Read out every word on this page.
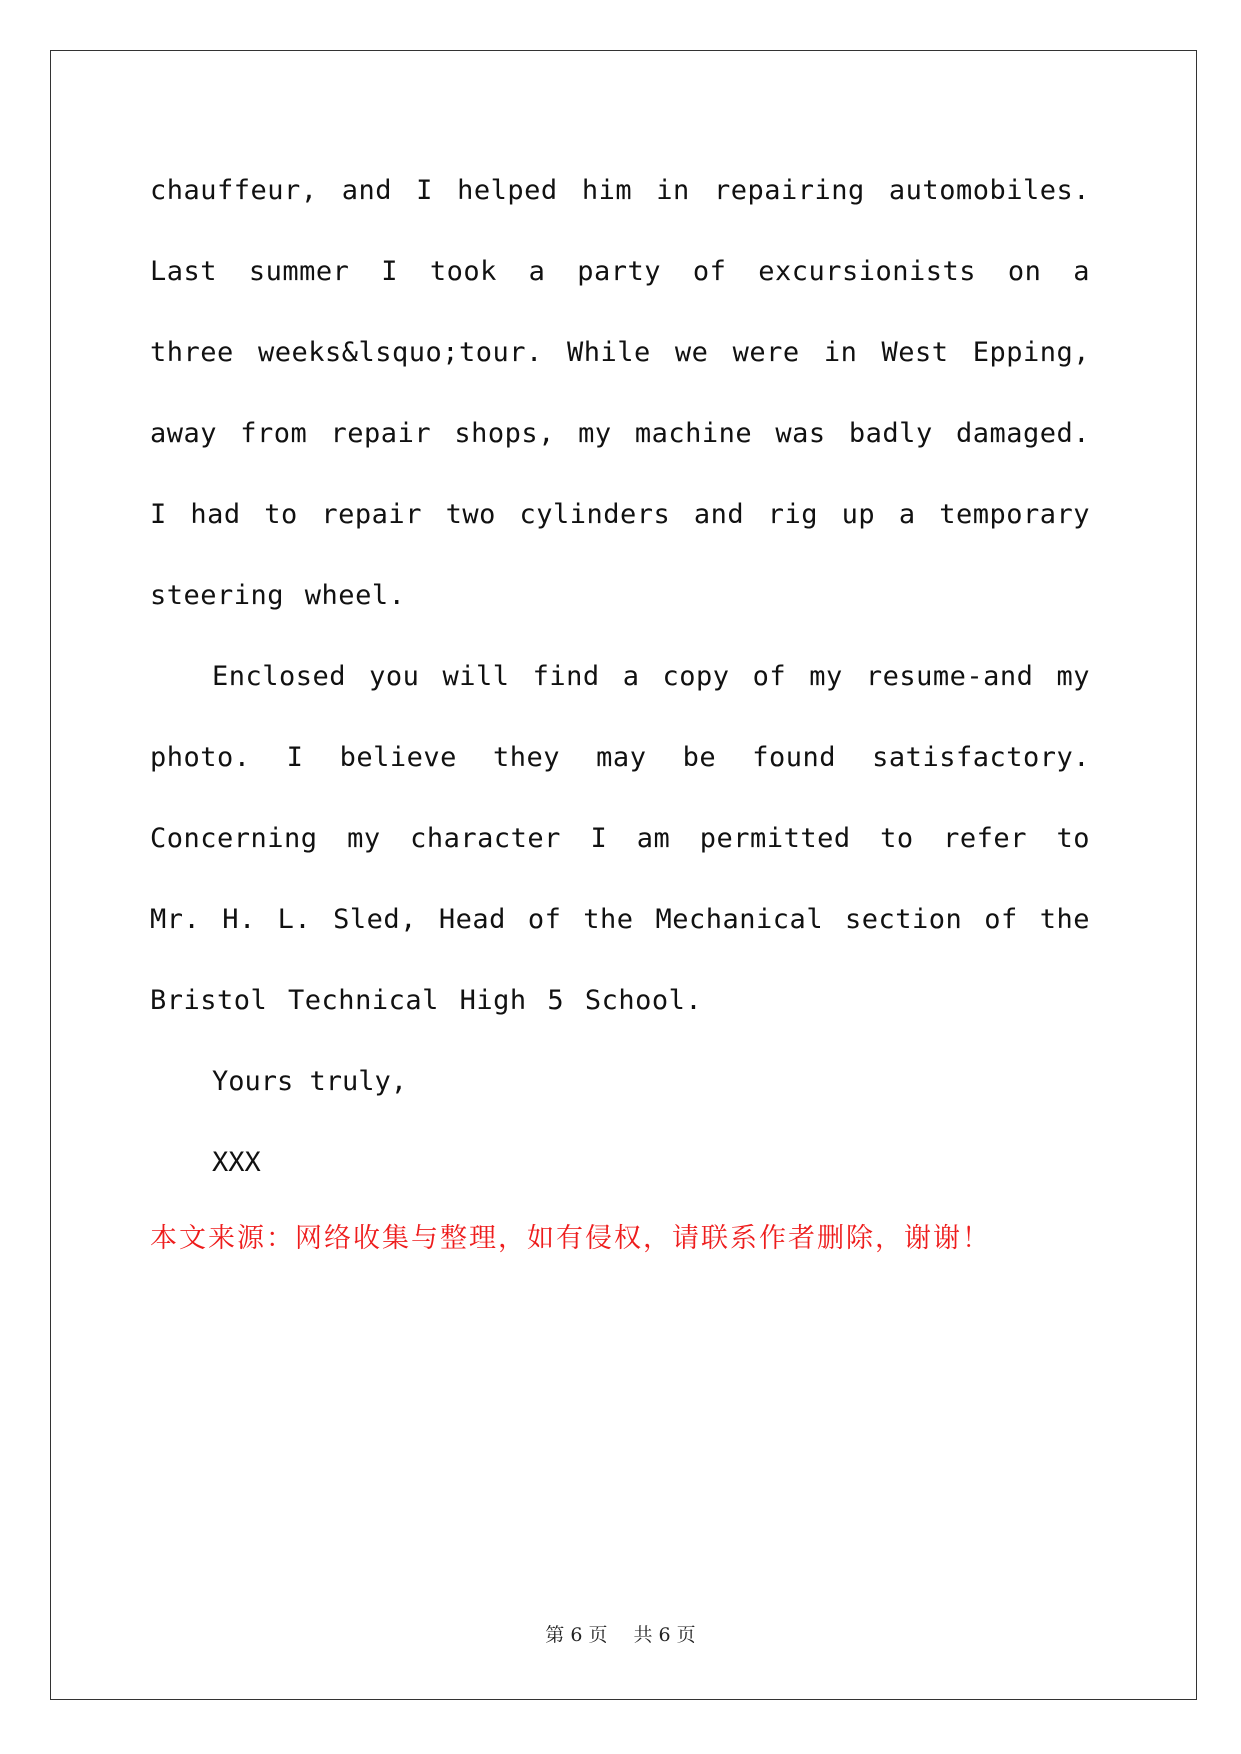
chauffeur, and I helped him in repairing automobiles. Last summer I took a party of excursionists on a three weeks&lsquo;tour. While we were in West Epping, away from repair shops, my machine was badly damaged. I had to repair two cylinders and rig up a temporary steering wheel.

Enclosed you will find a copy of my resume-and my photo. I believe they may be found satisfactory. Concerning my character I am permitted to refer to Mr. H. L. Sled, Head of the Mechanical section of the Bristol Technical High 5 School.

Yours truly,

XXX

本文来源：网络收集与整理，如有侵权，请联系作者删除，谢谢！
第 6 页 共 6 页
